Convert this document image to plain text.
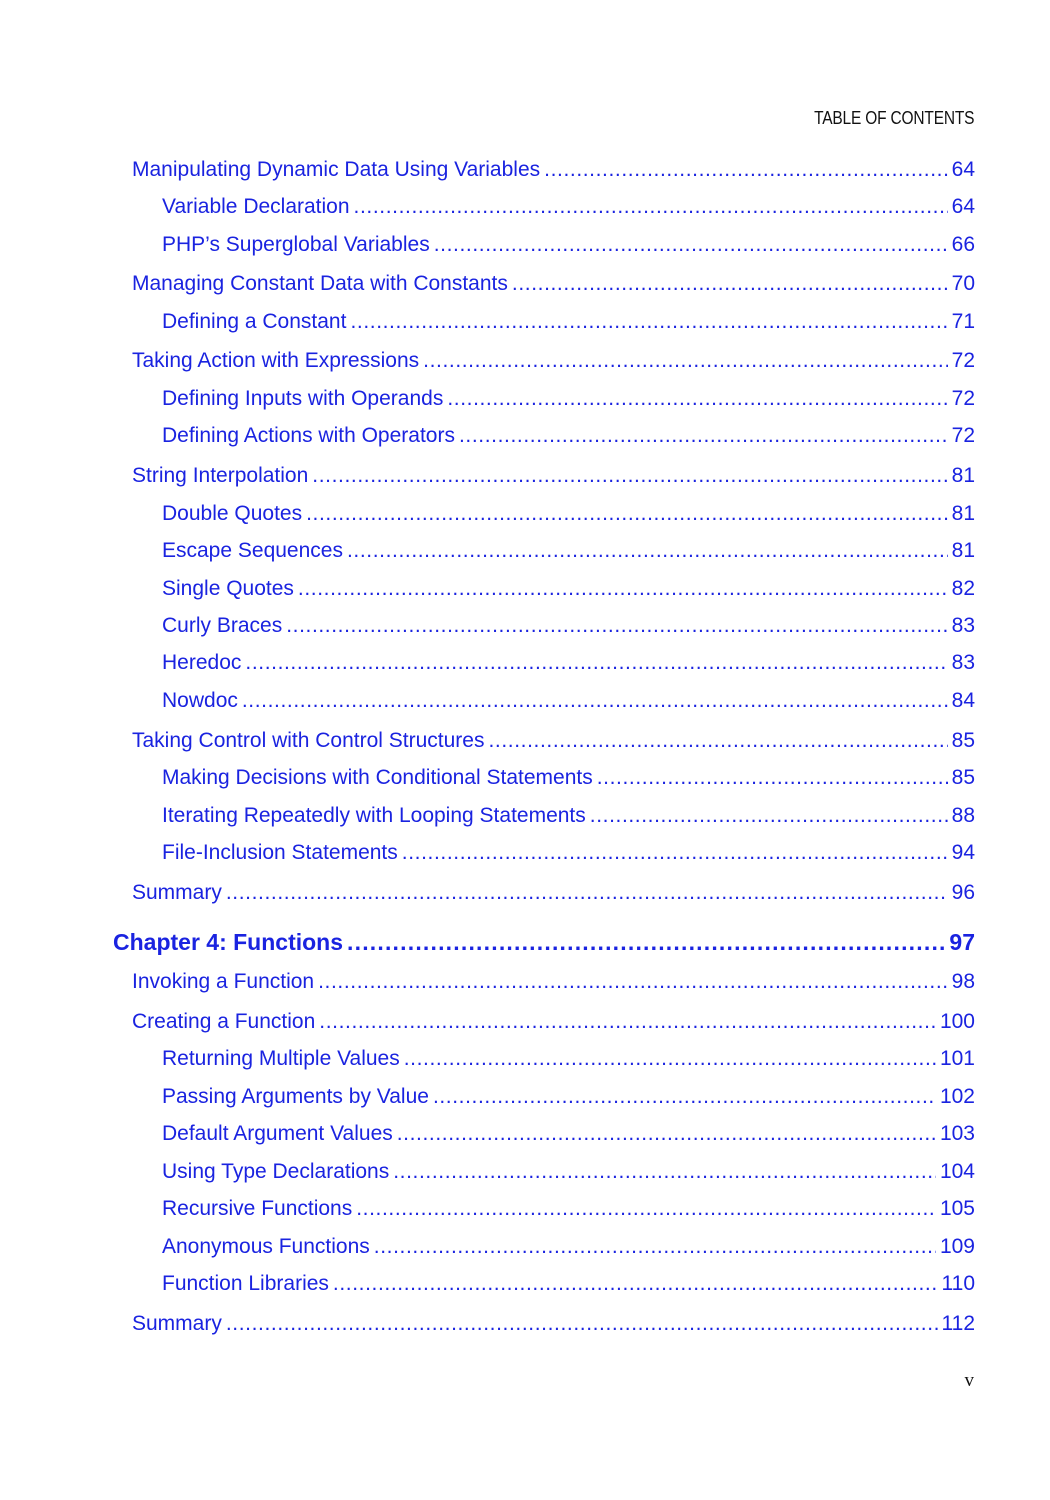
TABLE OF CONTENTS
Manipulating Dynamic Data Using Variables .....	64
Variable Declaration .....	64
PHP’s Superglobal Variables .....	66
Managing Constant Data with Constants .....	70
Defining a Constant .....	71
Taking Action with Expressions .....	72
Defining Inputs with Operands .....	72
Defining Actions with Operators .....	72
String Interpolation .....	81
Double Quotes .....	81
Escape Sequences .....	81
Single Quotes .....	82
Curly Braces .....	83
Heredoc .....	83
Nowdoc .....	84
Taking Control with Control Structures .....	85
Making Decisions with Conditional Statements .....	85
Iterating Repeatedly with Looping Statements .....	88
File-Inclusion Statements .....	94
Summary .....	96
Chapter 4: Functions .....	97
Invoking a Function .....	98
Creating a Function .....	100
Returning Multiple Values .....	101
Passing Arguments by Value .....	102
Default Argument Values .....	103
Using Type Declarations .....	104
Recursive Functions .....	105
Anonymous Functions .....	109
Function Libraries .....	110
Summary .....	112
v
